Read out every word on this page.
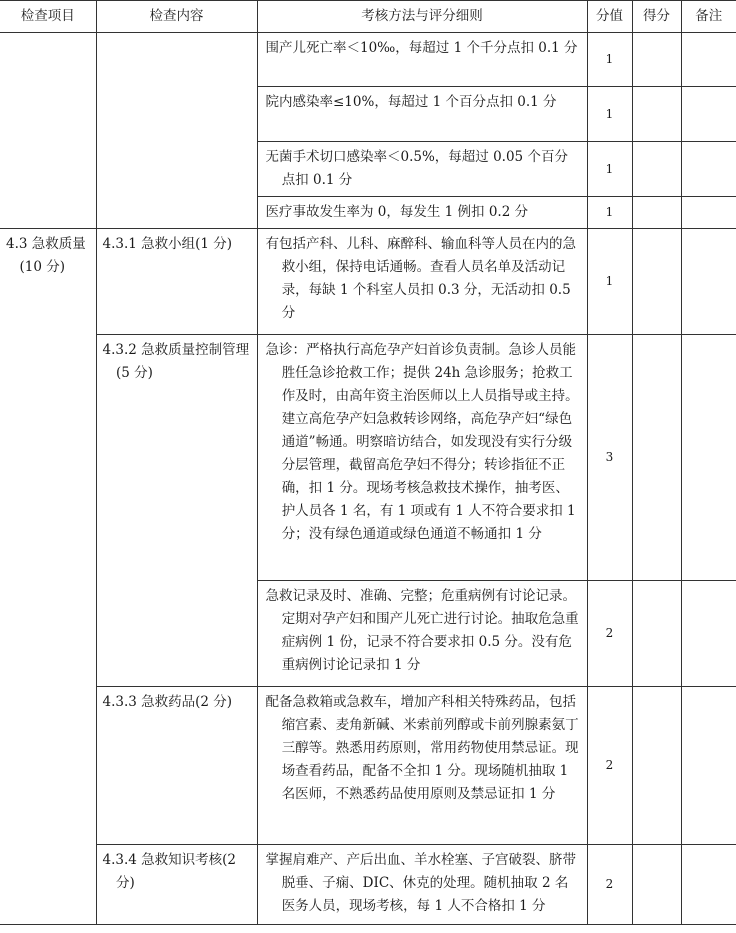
检查项目	检查内容	考核方法与评分细则	分值	得分	备注

		围产儿死亡率＜10‰，每超过 1 个千分点扣 0.1 分	1		

		院内感染率≤10%，每超过 1 个百分点扣 0.1 分	1		

		无菌手术切口感染率＜0.5%，每超过 0.05 个百分点扣 0.1 分	1		

		医疗事故发生率为 0，每发生 1 例扣 0.2 分	1		

4.3 急救质量(10 分)	4.3.1 急救小组(1 分)	有包括产科、儿科、麻醉科、输血科等人员在内的急救小组，保持电话通畅。查看人员名单及活动记录，每缺 1 个科室人员扣 0.3 分，无活动扣 0.5 分	1		

	4.3.2 急救质量控制管理(5 分)	急诊：严格执行高危孕产妇首诊负责制。急诊人员能胜任急诊抢救工作；提供 24h 急诊服务；抢救工作及时，由高年资主治医师以上人员指导或主持。建立高危孕产妇急救转诊网络，高危孕产妇“绿色通道”畅通。明察暗访结合，如发现没有实行分级分层管理，截留高危孕妇不得分；转诊指征不正确，扣 1 分。现场考核急救技术操作，抽考医、护人员各 1 名，有 1 项或有 1 人不符合要求扣 1 分；没有绿色通道或绿色通道不畅通扣 1 分	3		

		急救记录及时、准确、完整；危重病例有讨论记录。定期对孕产妇和围产儿死亡进行讨论。抽取危急重症病例 1 份，记录不符合要求扣 0.5 分。没有危重病例讨论记录扣 1 分	2		

	4.3.3 急救药品(2 分)	配备急救箱或急救车，增加产科相关特殊药品，包括缩宫素、麦角新碱、米索前列醇或卡前列腺素氨丁三醇等。熟悉用药原则，常用药物使用禁忌证。现场查看药品，配备不全扣 1 分。现场随机抽取 1 名医师，不熟悉药品使用原则及禁忌证扣 1 分	2		

	4.3.4 急救知识考核(2 分)	掌握肩难产、产后出血、羊水栓塞、子宫破裂、脐带脱垂、子痫、DIC、休克的处理。随机抽取 2 名医务人员，现场考核，每 1 人不合格扣 1 分	2		
